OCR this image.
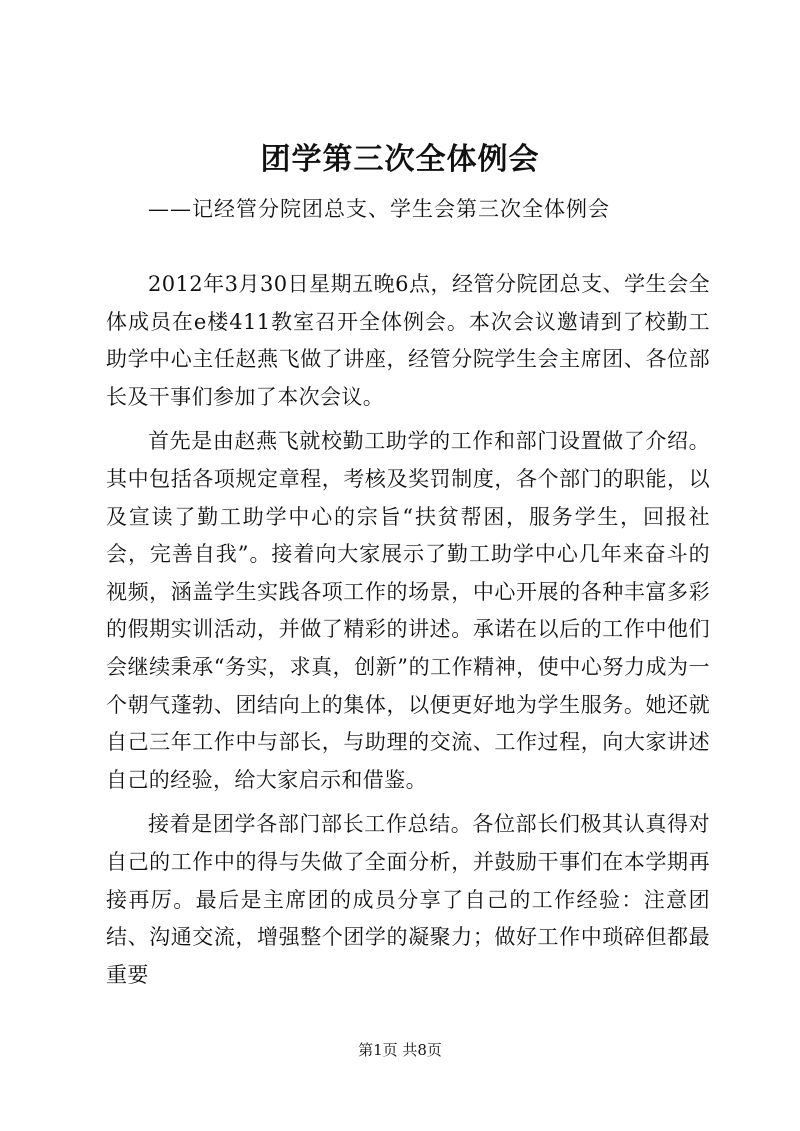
团学第三次全体例会
——记经管分院团总支、学生会第三次全体例会

2012年3月30日星期五晚6点，经管分院团总支、学生会全体成员在e楼411教室召开全体例会。本次会议邀请到了校勤工助学中心主任赵燕飞做了讲座，经管分院学生会主席团、各位部长及干事们参加了本次会议。

首先是由赵燕飞就校勤工助学的工作和部门设置做了介绍。其中包括各项规定章程，考核及奖罚制度，各个部门的职能，以及宣读了勤工助学中心的宗旨“扶贫帮困，服务学生，回报社会，完善自我”。接着向大家展示了勤工助学中心几年来奋斗的视频，涵盖学生实践各项工作的场景，中心开展的各种丰富多彩的假期实训活动，并做了精彩的讲述。承诺在以后的工作中他们会继续秉承“务实，求真，创新”的工作精神，使中心努力成为一个朝气蓬勃、团结向上的集体，以便更好地为学生服务。她还就自己三年工作中与部长，与助理的交流、工作过程，向大家讲述自己的经验，给大家启示和借鉴。

接着是团学各部门部长工作总结。各位部长们极其认真得对自己的工作中的得与失做了全面分析，并鼓励干事们在本学期再接再厉。最后是主席团的成员分享了自己的工作经验：注意团结、沟通交流，增强整个团学的凝聚力；做好工作中琐碎但都最重要

第1页 共8页
